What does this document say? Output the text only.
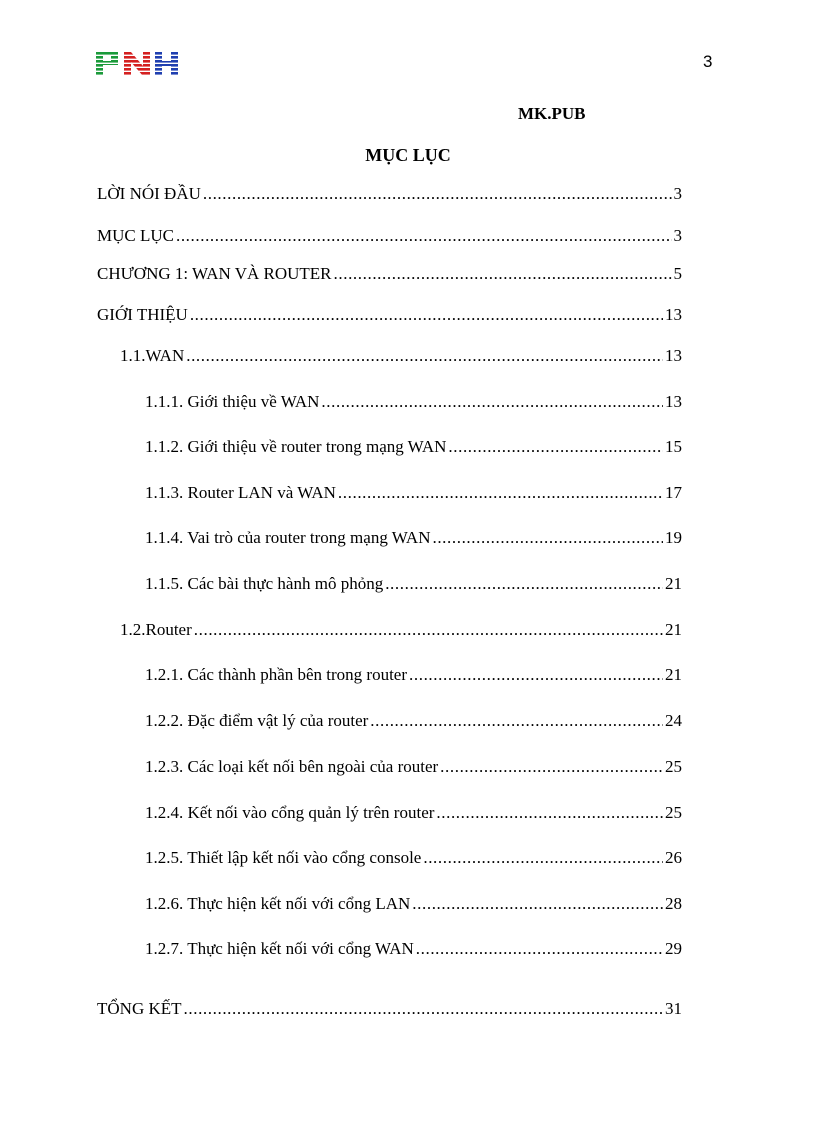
3
MK.PUB
MỤC LỤC
LỜI NÓI ĐẦU .....	3
MỤC LỤC .....	3
CHƯƠNG 1: WAN VÀ ROUTER .....	5
GIỚI THIỆU .....	13
1.1.WAN .....	13
1.1.1. Giới thiệu về WAN .....	13
1.1.2. Giới thiệu về router trong mạng WAN .....	15
1.1.3. Router LAN và WAN .....	17
1.1.4. Vai trò của router trong mạng WAN .....	19
1.1.5. Các bài thực hành mô phỏng .....	21
1.2.Router .....	21
1.2.1. Các thành phần bên trong router .....	21
1.2.2. Đặc điểm vật lý của router .....	24
1.2.3. Các loại kết nối bên ngoài của router .....	25
1.2.4. Kết nối vào cổng quản lý trên router .....	25
1.2.5. Thiết lập kết nối vào cổng console .....	26
1.2.6. Thực hiện kết nối với cổng LAN .....	28
1.2.7. Thực hiện kết nối với cổng WAN .....	29
TỔNG KẾT .....	31
